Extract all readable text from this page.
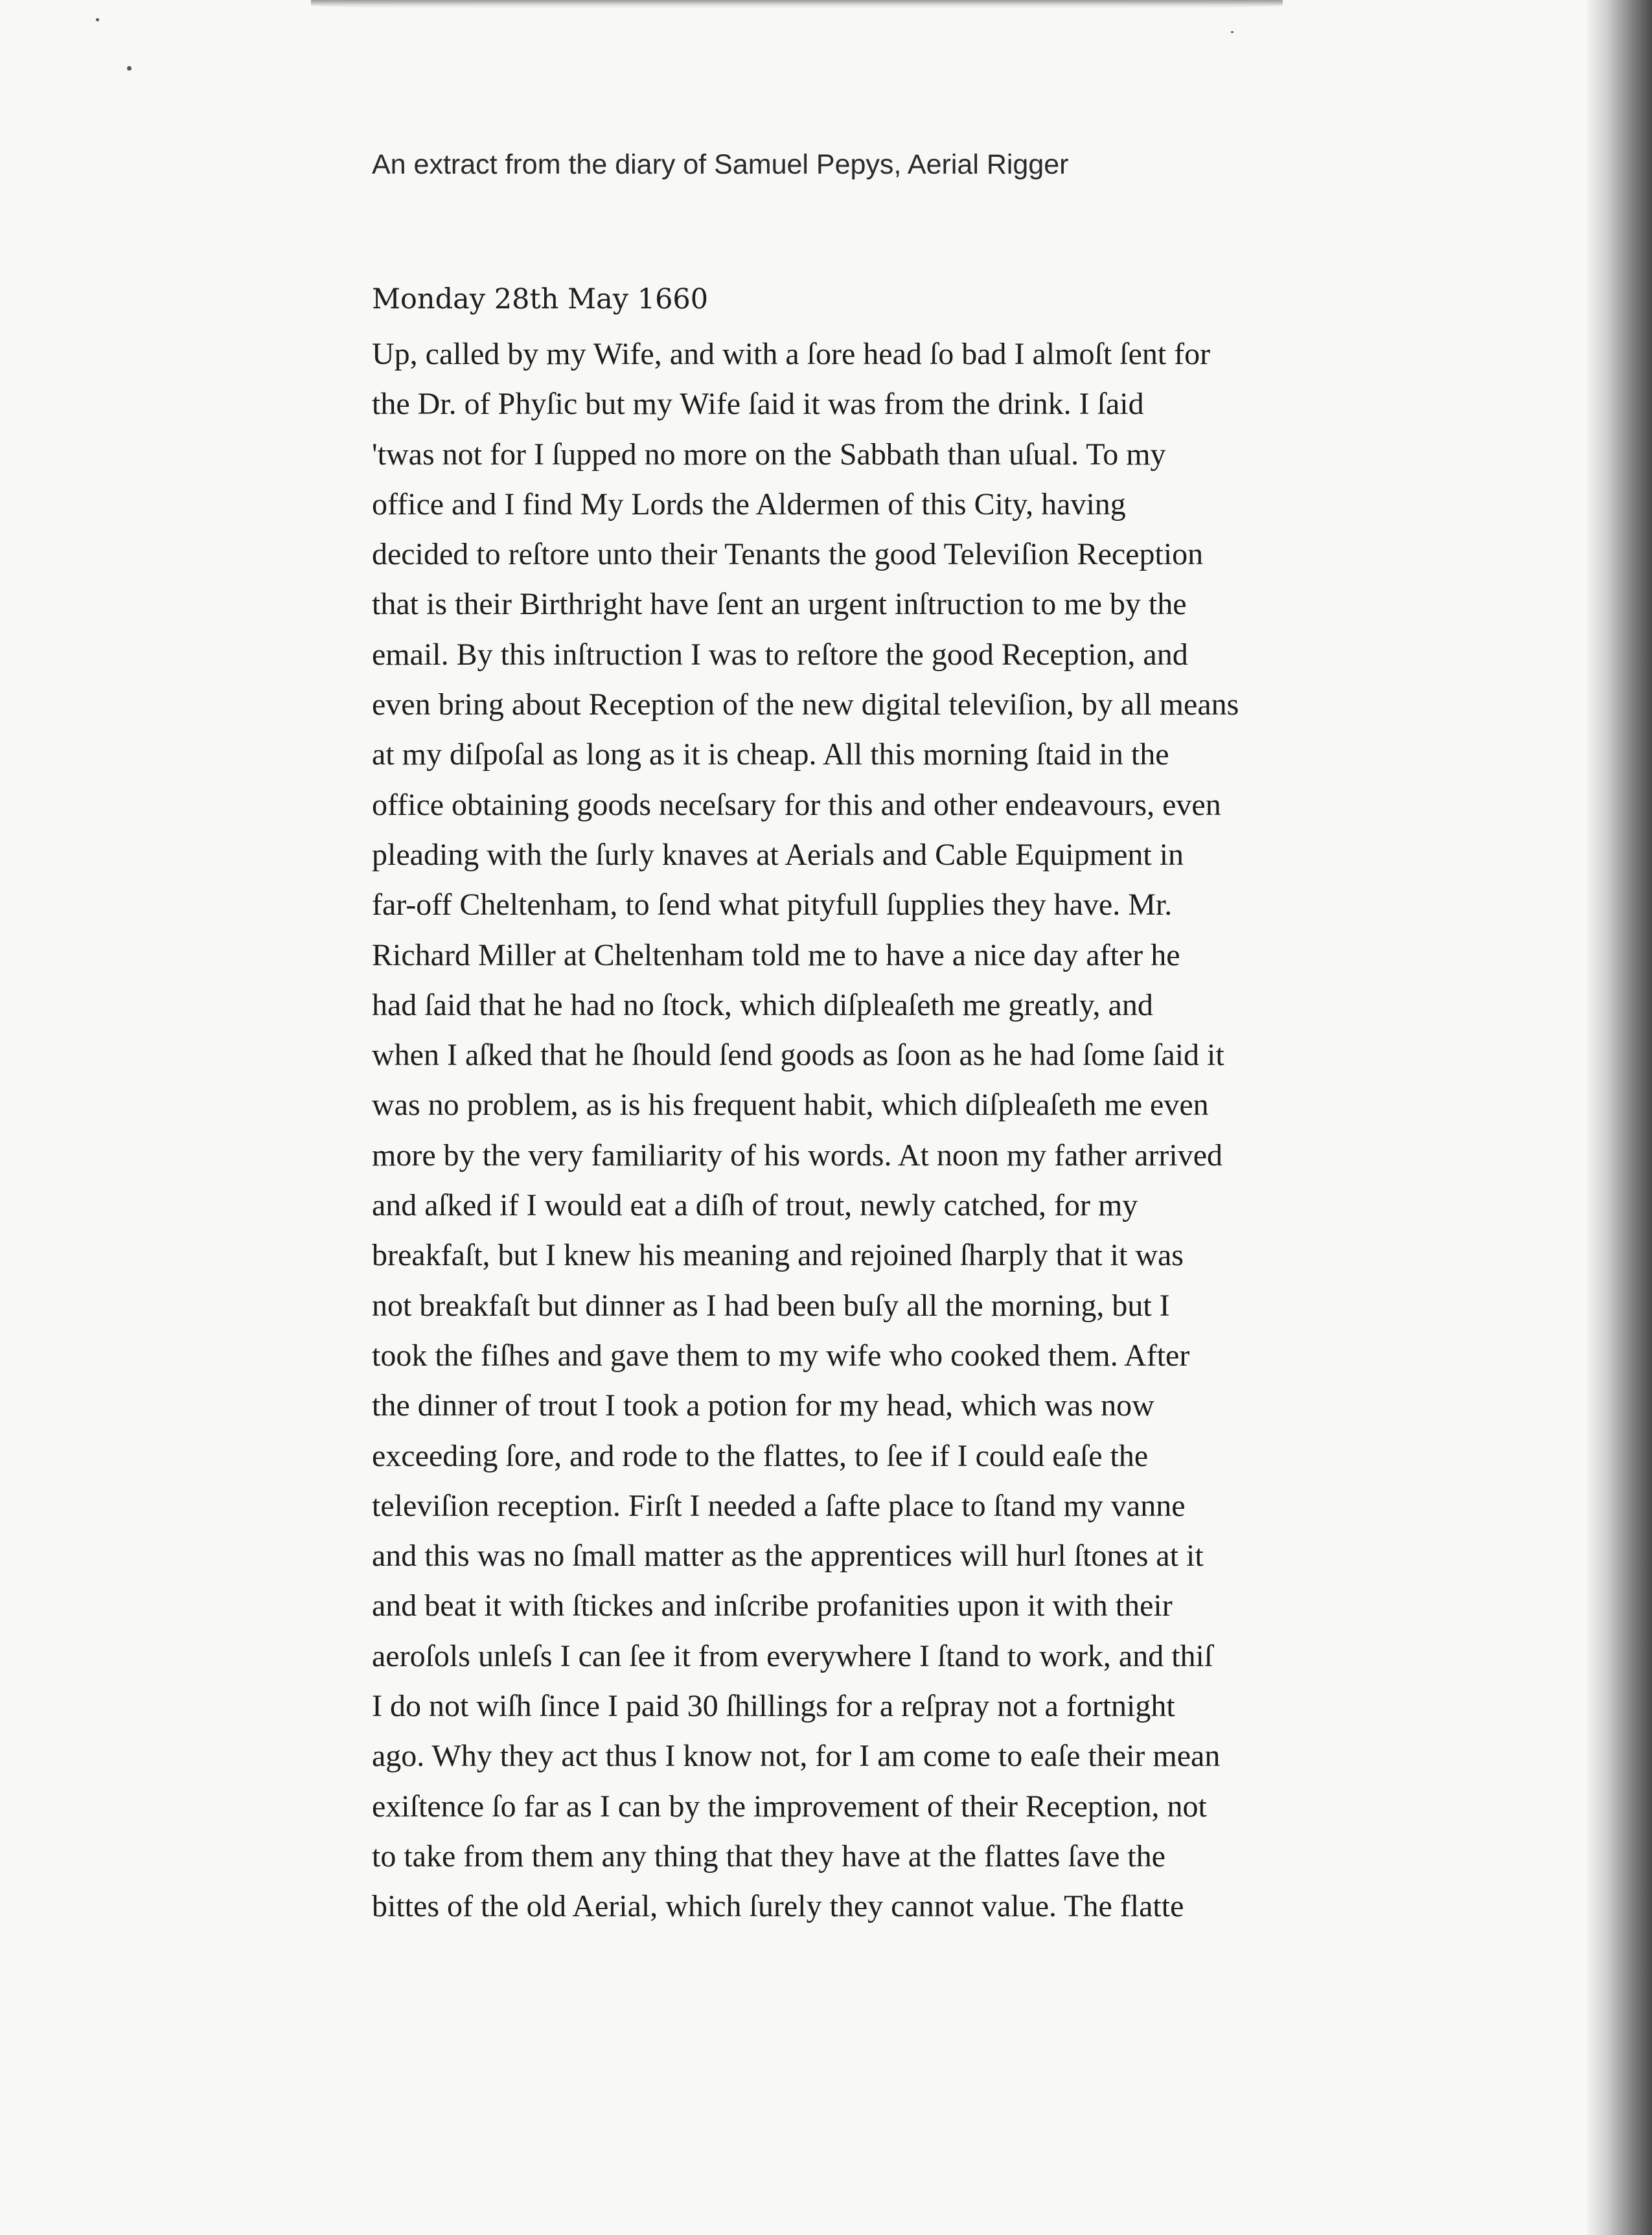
An extract from the diary of Samuel Pepys, Aerial Rigger
Monday 28th May 1660
Up, called by my Wife, and with a ſore head ſo bad I almoſt ſent for
the Dr. of Phyſic but my Wife ſaid it was from the drink. I ſaid
'twas not for I ſupped no more on the Sabbath than uſual. To my
office and I find My Lords the Aldermen of this City, having
decided to reſtore unto their Tenants the good Televiſion Reception
that is their Birthright have ſent an urgent inſtruction to me by the
email. By this inſtruction I was to reſtore the good Reception, and
even bring about Reception of the new digital televiſion, by all means
at my diſpoſal as long as it is cheap. All this morning ſtaid in the
office obtaining goods neceſsary for this and other endeavours, even
pleading with the ſurly knaves at Aerials and Cable Equipment in
far-off Cheltenham, to ſend what pityfull ſupplies they have. Mr.
Richard Miller at Cheltenham told me to have a nice day after he
had ſaid that he had no ſtock, which diſpleaſeth me greatly, and
when I aſked that he ſhould ſend goods as ſoon as he had ſome ſaid it
was no problem, as is his frequent habit, which diſpleaſeth me even
more by the very familiarity of his words. At noon my father arrived
and aſked if I would eat a diſh of trout, newly catched, for my
breakfaſt, but I knew his meaning and rejoined ſharply that it was
not breakfaſt but dinner as I had been buſy all the morning, but I
took the fiſhes and gave them to my wife who cooked them. After
the dinner of trout I took a potion for my head, which was now
exceeding ſore, and rode to the flattes, to ſee if I could eaſe the
televiſion reception. Firſt I needed a ſafte place to ſtand my vanne
and this was no ſmall matter as the apprentices will hurl ſtones at it
and beat it with ſtickes and inſcribe profanities upon it with their
aeroſols unleſs I can ſee it from everywhere I ſtand to work, and thiſ
I do not wiſh ſince I paid 30 ſhillings for a reſpray not a fortnight
ago. Why they act thus I know not, for I am come to eaſe their mean
exiſtence ſo far as I can by the improvement of their Reception, not
to take from them any thing that they have at the flattes ſave the
bittes of the old Aerial, which ſurely they cannot value. The flatte
